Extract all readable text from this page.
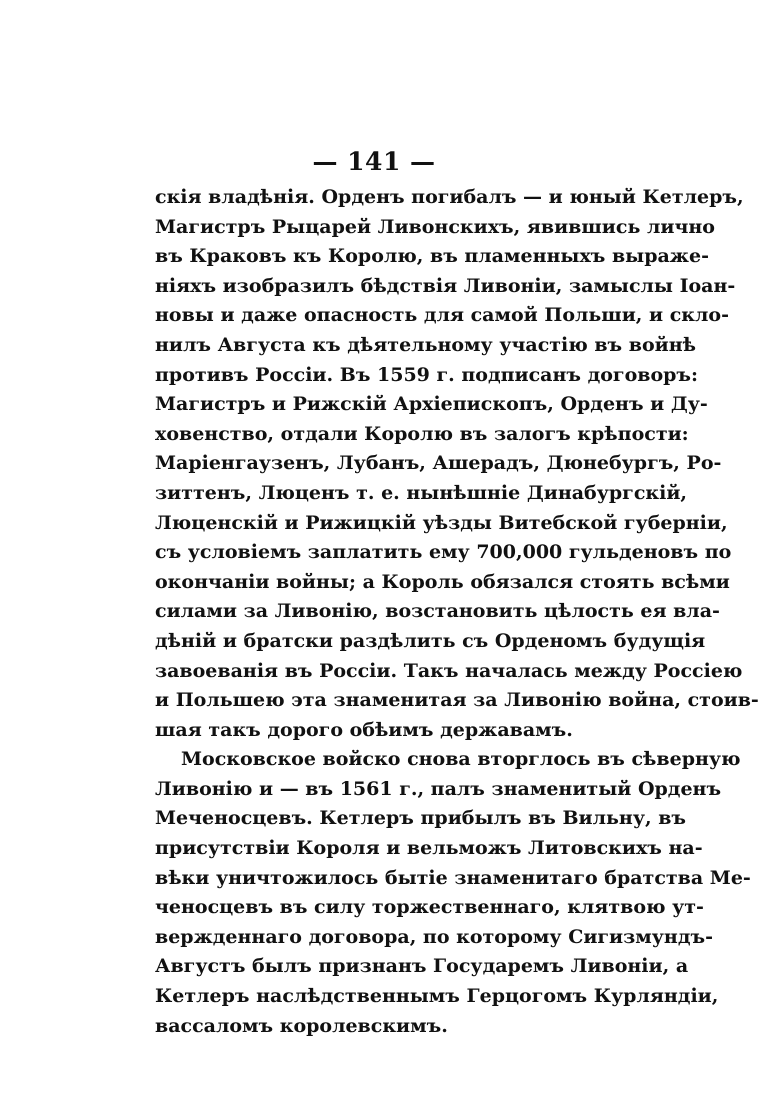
— 141 —
скія владѣнія. Орденъ погибалъ — и юный Кетлеръ,
Магистръ Рыцарей Ливонскихъ, явившись лично
въ Краковъ къ Королю, въ пламенныхъ выраже-
ніяхъ изобразилъ бѣдствія Ливоніи, замыслы Іоан-
новы и даже опасность для самой Польши, и скло-
нилъ Августа къ дѣятельному участію въ войнѣ
противъ Россіи. Въ 1559 г. подписанъ договоръ:
Магистръ и Рижскій Архіепископъ, Орденъ и Ду-
ховенство, отдали Королю въ залогъ крѣпости:
Маріенгаузенъ, Лубанъ, Ашерадъ, Дюнебургъ, Ро-
зиттенъ, Люценъ т. е. нынѣшніе Динабургскій,
Люценскій и Рижицкій уѣзды Витебской губерніи,
съ условіемъ заплатить ему 700,000 гульденовъ по
окончаніи войны; а Король обязался стоять всѣми
силами за Ливонію, возстановить цѣлость ея вла-
дѣній и братски раздѣлить съ Орденомъ будущія
завоеванія въ Россіи. Такъ началась между Россіею
и Польшею эта знаменитая за Ливонію война, стоив-
шая такъ дорого обѣимъ державамъ.
Московское войско снова вторглось въ сѣверную
Ливонію и — въ 1561 г., палъ знаменитый Орденъ
Меченосцевъ. Кетлеръ прибылъ въ Вильну, въ
присутствіи Короля и вельможъ Литовскихъ на-
вѣки уничтожилось бытіе знаменитаго братства Ме-
ченосцевъ въ силу торжественнаго, клятвою ут-
вержденнаго договора, по которому Сигизмундъ-
Августъ былъ признанъ Государемъ Ливоніи, а
Кетлеръ наслѣдственнымъ Герцогомъ Курляндіи,
вассаломъ королевскимъ.
